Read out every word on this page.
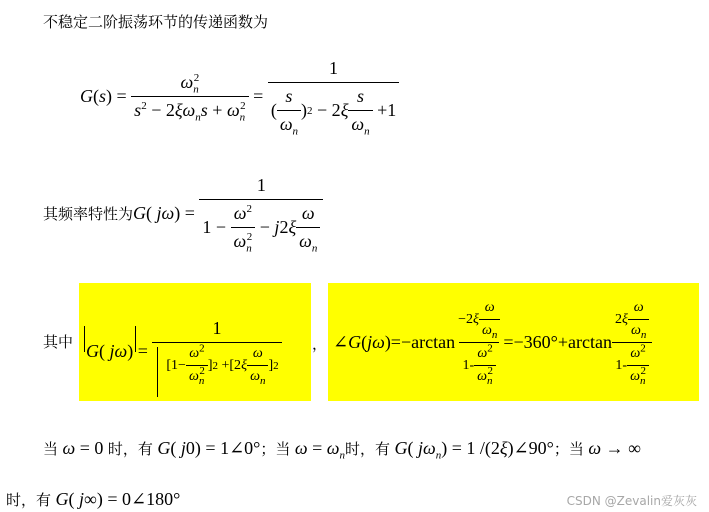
不稳定二阶振荡环节的传递函数为
G ( s ) = $\frac{\omega_n^2}{s^2 - 2\xi\omega_ns + \omega_n^2} = \frac{1}{( \frac{s}{\omega_n} ) 2 - 2 \xi \frac{s}{\omega_n} +1}$
其频率特性为 G ( jω ) = $\frac{1}{1 - \frac{\omega^2}{\omega_n^2} - j 2 \xi \frac{\omega}{\omega_n}}$
其中 G ( jω ) = $\frac{1}{[1- \frac{\omega^2}{\omega_n^2} ] 2 +[2 \xi \frac{\omega}{\omega_n} ] 2}$ ， ∠ G ( jω )$=-\arctan \frac{-2 \xi \frac{\omega}{\omega_n}}{1- \frac{\omega^2}{\omega_n^2}} =-360^\circ+\arctan \frac{2 \xi \frac{\omega}{\omega_n}}{1- \frac{\omega^2}{\omega_n^2}}$
当 ω = 0 时，有 G( j0) = 1∠0° ；当 $\omega = \omega_n$ 时，有 G( $j\omega_n) = 1$ /(2ξ)∠90° ；当 ω → ∞
时，有 G( j∞) = 0∠180°	CSDN @Zevalin爱灰灰
